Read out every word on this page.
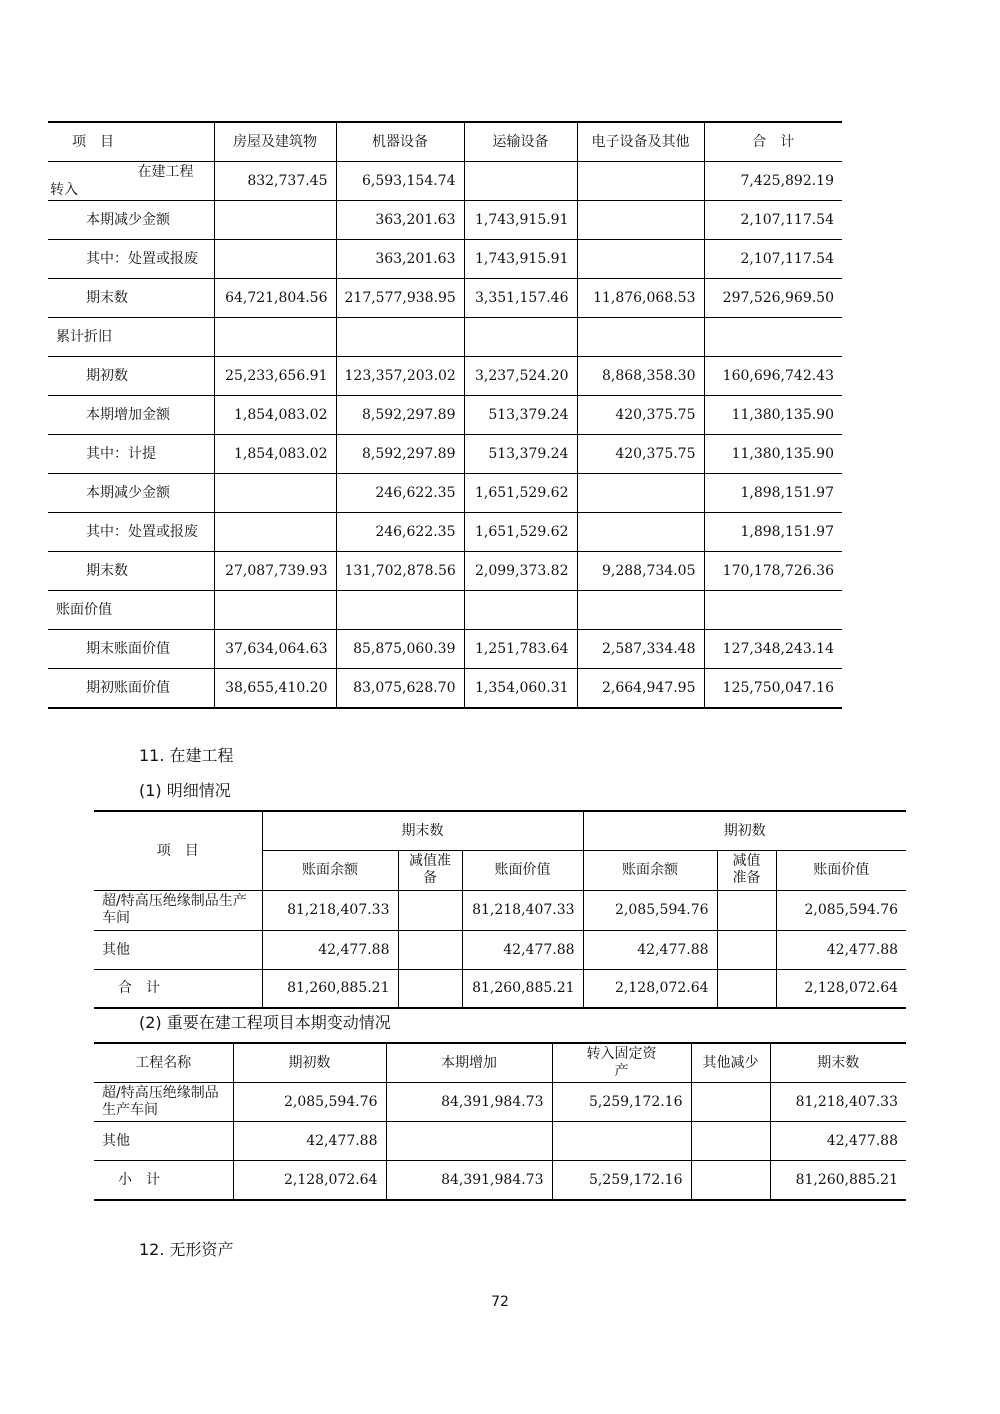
项　目	房屋及建筑物	机器设备	运输设备	电子设备及其他	合　计

在建工程
转入	832,737.45	6,593,154.74			7,425,892.19
本期减少金额		363,201.63	1,743,915.91		2,107,117.54
其中：处置或报废		363,201.63	1,743,915.91		2,107,117.54
期末数	64,721,804.56	217,577,938.95	3,351,157.46	11,876,068.53	297,526,969.50
累计折旧					
期初数	25,233,656.91	123,357,203.02	3,237,524.20	8,868,358.30	160,696,742.43
本期增加金额	1,854,083.02	8,592,297.89	513,379.24	420,375.75	11,380,135.90
其中：计提	1,854,083.02	8,592,297.89	513,379.24	420,375.75	11,380,135.90
本期减少金额		246,622.35	1,651,529.62		1,898,151.97
其中：处置或报废		246,622.35	1,651,529.62		1,898,151.97
期末数	27,087,739.93	131,702,878.56	2,099,373.82	9,288,734.05	170,178,726.36
账面价值					
期末账面价值	37,634,064.63	85,875,060.39	1,251,783.64	2,587,334.48	127,348,243.14
期初账面价值	38,655,410.20	83,075,628.70	1,354,060.31	2,664,947.95	125,750,047.16
11. 在建工程
(1) 明细情况
项　目	期末数			期初数		
	账面余额	减值准备	账面价值	账面余额	减值准备	账面价值
超/特高压绝缘制品生产车间	81,218,407.33		81,218,407.33	2,085,594.76		2,085,594.76
其他	42,477.88		42,477.88	42,477.88		42,477.88
合　计	81,260,885.21		81,260,885.21	2,128,072.64		2,128,072.64
(2) 重要在建工程项目本期变动情况
工程名称	期初数	本期增加	转入固定资产	其他减少	期末数
超/特高压绝缘制品生产车间	2,085,594.76	84,391,984.73	5,259,172.16		81,218,407.33
其他	42,477.88				42,477.88
小　计	2,128,072.64	84,391,984.73	5,259,172.16		81,260,885.21
12. 无形资产
72
